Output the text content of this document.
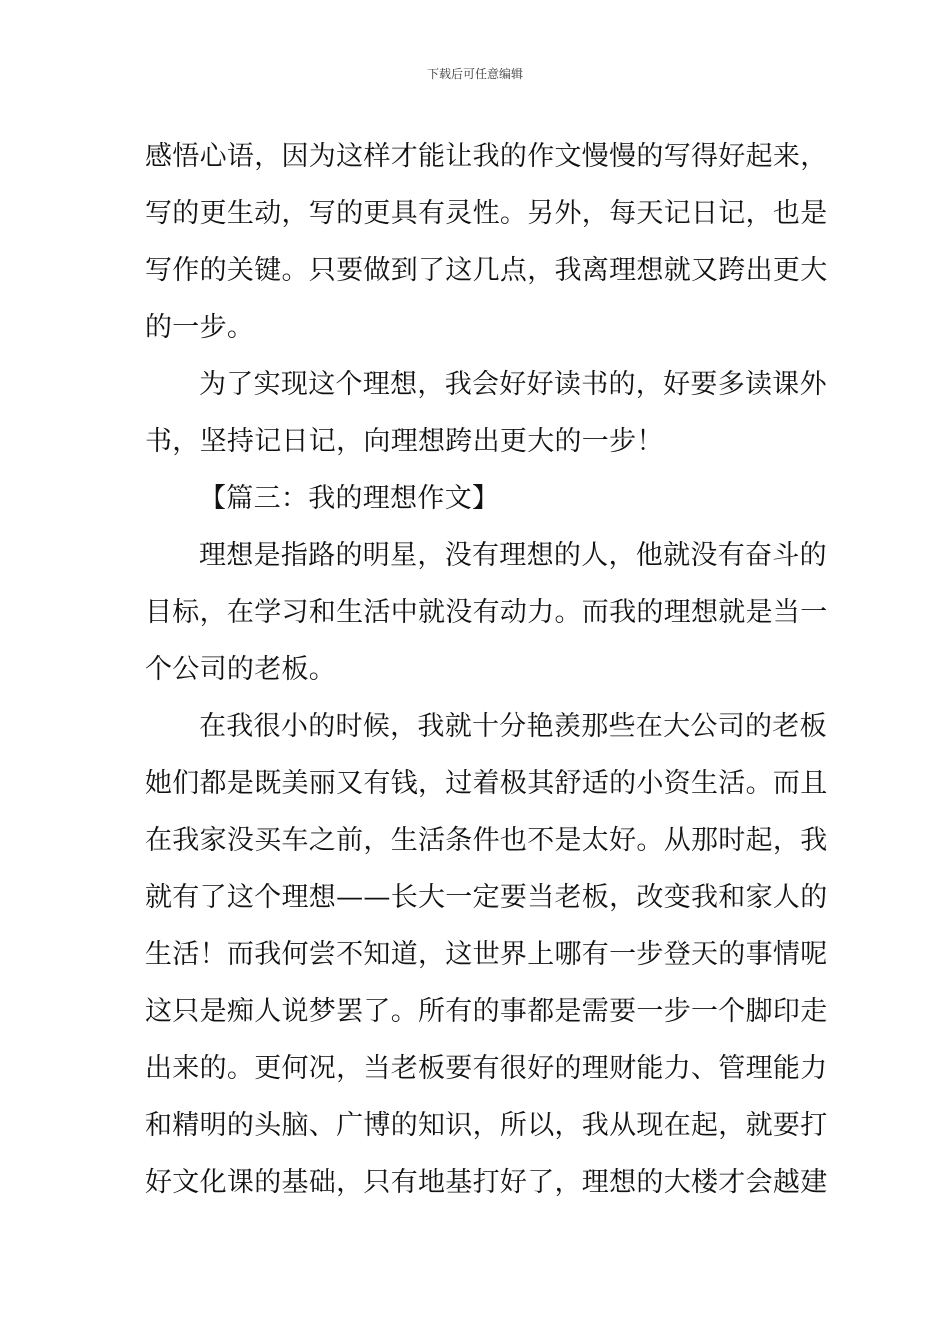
下载后可任意编辑
感悟心语，因为这样才能让我的作文慢慢的写得好起来，
写的更生动，写的更具有灵性。另外，每天记日记，也是
写作的关键。只要做到了这几点，我离理想就又跨出更大
的一步。
为了实现这个理想，我会好好读书的，好要多读课外
书，坚持记日记，向理想跨出更大的一步！
【篇三：我的理想作文】
理想是指路的明星，没有理想的人，他就没有奋斗的
目标，在学习和生活中就没有动力。而我的理想就是当一
个公司的老板。
在我很小的时候，我就十分艳羡那些在大公司的老板
她们都是既美丽又有钱，过着极其舒适的小资生活。而且
在我家没买车之前，生活条件也不是太好。从那时起，我
就有了这个理想——长大一定要当老板，改变我和家人的
生活！而我何尝不知道，这世界上哪有一步登天的事情呢
这只是痴人说梦罢了。所有的事都是需要一步一个脚印走
出来的。更何况，当老板要有很好的理财能力、管理能力
和精明的头脑、广博的知识，所以，我从现在起，就要打
好文化课的基础，只有地基打好了，理想的大楼才会越建
